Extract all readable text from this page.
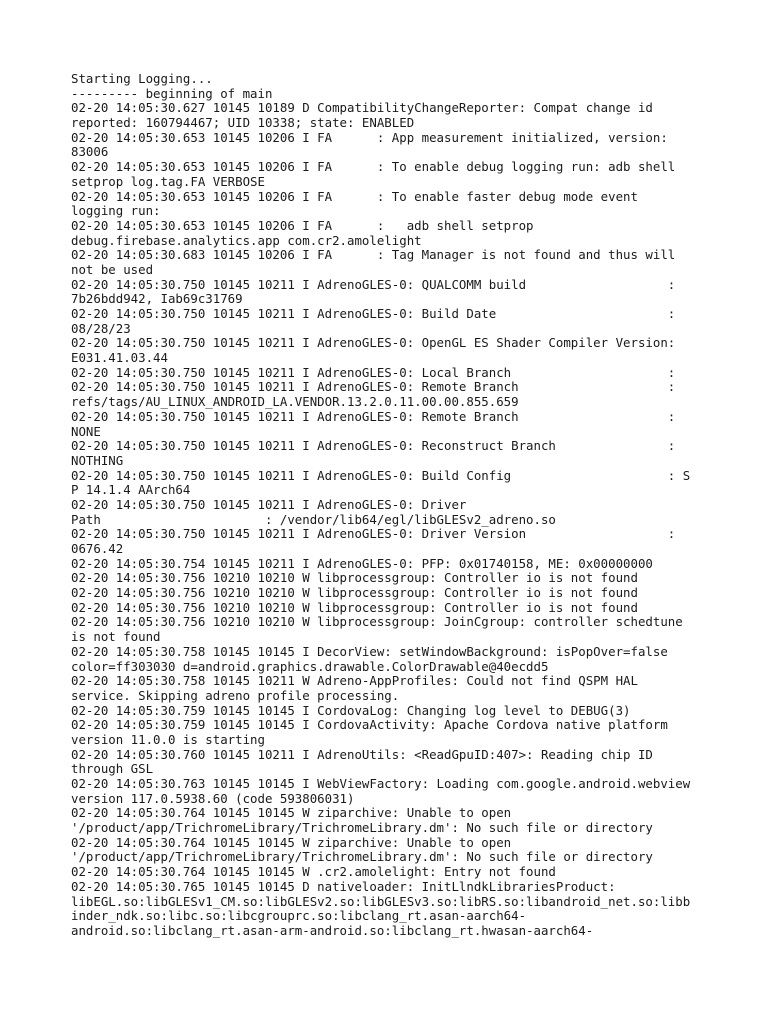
Starting Logging...
--------- beginning of main
02-20 14:05:30.627 10145 10189 D CompatibilityChangeReporter: Compat change id
reported: 160794467; UID 10338; state: ENABLED
02-20 14:05:30.653 10145 10206 I FA      : App measurement initialized, version:
83006
02-20 14:05:30.653 10145 10206 I FA      : To enable debug logging run: adb shell
setprop log.tag.FA VERBOSE
02-20 14:05:30.653 10145 10206 I FA      : To enable faster debug mode event
logging run:
02-20 14:05:30.653 10145 10206 I FA      :   adb shell setprop
debug.firebase.analytics.app com.cr2.amolelight
02-20 14:05:30.683 10145 10206 I FA      : Tag Manager is not found and thus will
not be used
02-20 14:05:30.750 10145 10211 I AdrenoGLES-0: QUALCOMM build                   :
7b26bdd942, Iab69c31769
02-20 14:05:30.750 10145 10211 I AdrenoGLES-0: Build Date                       :
08/28/23
02-20 14:05:30.750 10145 10211 I AdrenoGLES-0: OpenGL ES Shader Compiler Version:
E031.41.03.44
02-20 14:05:30.750 10145 10211 I AdrenoGLES-0: Local Branch                     :
02-20 14:05:30.750 10145 10211 I AdrenoGLES-0: Remote Branch                    :
refs/tags/AU_LINUX_ANDROID_LA.VENDOR.13.2.0.11.00.00.855.659
02-20 14:05:30.750 10145 10211 I AdrenoGLES-0: Remote Branch                    :
NONE
02-20 14:05:30.750 10145 10211 I AdrenoGLES-0: Reconstruct Branch               :
NOTHING
02-20 14:05:30.750 10145 10211 I AdrenoGLES-0: Build Config                     : S
P 14.1.4 AArch64
02-20 14:05:30.750 10145 10211 I AdrenoGLES-0: Driver
Path                      : /vendor/lib64/egl/libGLESv2_adreno.so
02-20 14:05:30.750 10145 10211 I AdrenoGLES-0: Driver Version                   :
0676.42
02-20 14:05:30.754 10145 10211 I AdrenoGLES-0: PFP: 0x01740158, ME: 0x00000000
02-20 14:05:30.756 10210 10210 W libprocessgroup: Controller io is not found
02-20 14:05:30.756 10210 10210 W libprocessgroup: Controller io is not found
02-20 14:05:30.756 10210 10210 W libprocessgroup: Controller io is not found
02-20 14:05:30.756 10210 10210 W libprocessgroup: JoinCgroup: controller schedtune
is not found
02-20 14:05:30.758 10145 10145 I DecorView: setWindowBackground: isPopOver=false
color=ff303030 d=android.graphics.drawable.ColorDrawable@40ecdd5
02-20 14:05:30.758 10145 10211 W Adreno-AppProfiles: Could not find QSPM HAL
service. Skipping adreno profile processing.
02-20 14:05:30.759 10145 10145 I CordovaLog: Changing log level to DEBUG(3)
02-20 14:05:30.759 10145 10145 I CordovaActivity: Apache Cordova native platform
version 11.0.0 is starting
02-20 14:05:30.760 10145 10211 I AdrenoUtils: <ReadGpuID:407>: Reading chip ID
through GSL
02-20 14:05:30.763 10145 10145 I WebViewFactory: Loading com.google.android.webview
version 117.0.5938.60 (code 593806031)
02-20 14:05:30.764 10145 10145 W ziparchive: Unable to open
'/product/app/TrichromeLibrary/TrichromeLibrary.dm': No such file or directory
02-20 14:05:30.764 10145 10145 W ziparchive: Unable to open
'/product/app/TrichromeLibrary/TrichromeLibrary.dm': No such file or directory
02-20 14:05:30.764 10145 10145 W .cr2.amolelight: Entry not found
02-20 14:05:30.765 10145 10145 D nativeloader: InitLlndkLibrariesProduct:
libEGL.so:libGLESv1_CM.so:libGLESv2.so:libGLESv3.so:libRS.so:libandroid_net.so:libb
inder_ndk.so:libc.so:libcgrouprc.so:libclang_rt.asan-aarch64-
android.so:libclang_rt.asan-arm-android.so:libclang_rt.hwasan-aarch64-
